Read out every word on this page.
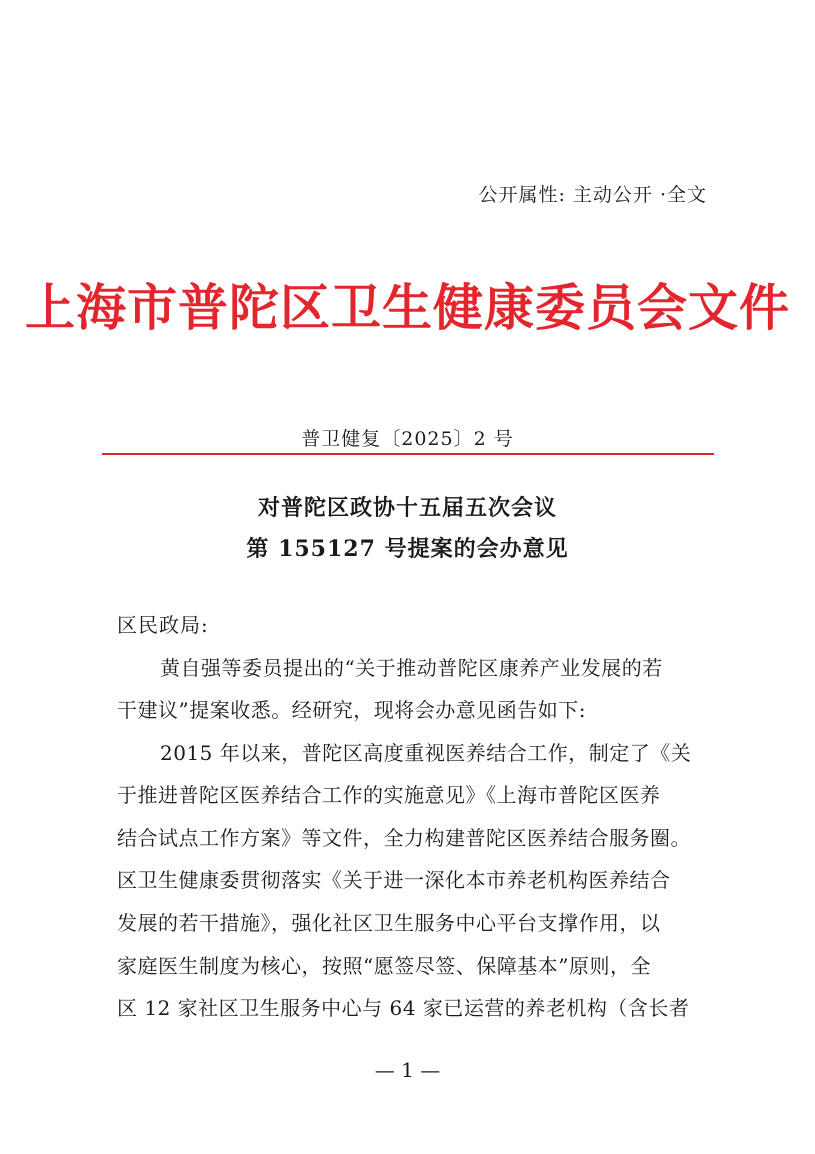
公开属性: 主动公开 ·全文
上海市普陀区卫生健康委员会文件
普卫健复〔2025〕2 号
对普陀区政协十五届五次会议
第 155127 号提案的会办意见
区民政局:
黄自强等委员提出的“关于推动普陀区康养产业发展的若
干建议”提案收悉。经研究，现将会办意见函告如下:
2015 年以来，普陀区高度重视医养结合工作，制定了《关
于推进普陀区医养结合工作的实施意见》《上海市普陀区医养
结合试点工作方案》等文件，全力构建普陀区医养结合服务圈。
区卫生健康委贯彻落实《关于进一深化本市养老机构医养结合
发展的若干措施》，强化社区卫生服务中心平台支撑作用，以
家庭医生制度为核心，按照“愿签尽签、保障基本”原则，全
区 12 家社区卫生服务中心与 64 家已运营的养老机构（含长者
— 1 —
